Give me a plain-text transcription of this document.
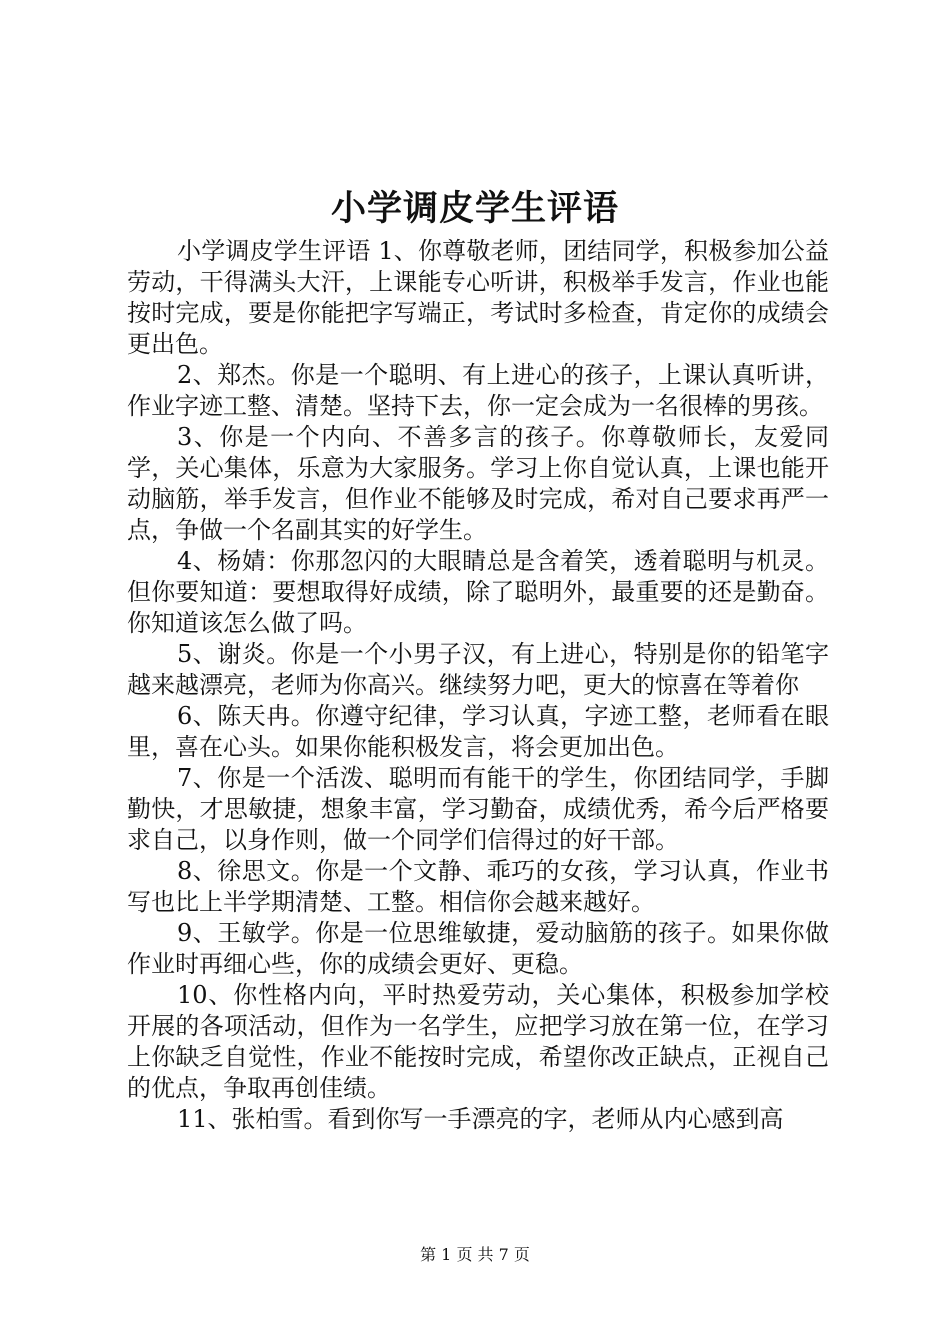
小学调皮学生评语

小学调皮学生评语 1、你尊敬老师，团结同学，积极参加公益劳动，干得满头大汗，上课能专心听讲，积极举手发言，作业也能按时完成，要是你能把字写端正，考试时多检查，肯定你的成绩会更出色。

2、郑杰。你是一个聪明、有上进心的孩子，上课认真听讲，作业字迹工整、清楚。坚持下去，你一定会成为一名很棒的男孩。

3、你是一个内向、不善多言的孩子。你尊敬师长，友爱同学，关心集体，乐意为大家服务。学习上你自觉认真，上课也能开动脑筋，举手发言，但作业不能够及时完成，希对自己要求再严一点，争做一个名副其实的好学生。

4、杨婧：你那忽闪的大眼睛总是含着笑，透着聪明与机灵。但你要知道：要想取得好成绩，除了聪明外，最重要的还是勤奋。你知道该怎么做了吗。

5、谢炎。你是一个小男子汉，有上进心，特别是你的铅笔字越来越漂亮，老师为你高兴。继续努力吧，更大的惊喜在等着你

6、陈天冉。你遵守纪律，学习认真，字迹工整，老师看在眼里，喜在心头。如果你能积极发言，将会更加出色。

7、你是一个活泼、聪明而有能干的学生，你团结同学，手脚勤快，才思敏捷，想象丰富，学习勤奋，成绩优秀，希今后严格要求自己，以身作则，做一个同学们信得过的好干部。

8、徐思文。你是一个文静、乖巧的女孩，学习认真，作业书写也比上半学期清楚、工整。相信你会越来越好。

9、王敏学。你是一位思维敏捷，爱动脑筋的孩子。如果你做作业时再细心些，你的成绩会更好、更稳。

10、你性格内向，平时热爱劳动，关心集体，积极参加学校开展的各项活动，但作为一名学生，应把学习放在第一位，在学习上你缺乏自觉性，作业不能按时完成，希望你改正缺点，正视自己的优点，争取再创佳绩。

11、张柏雪。看到你写一手漂亮的字，老师从内心感到高

第 1 页 共 7 页
